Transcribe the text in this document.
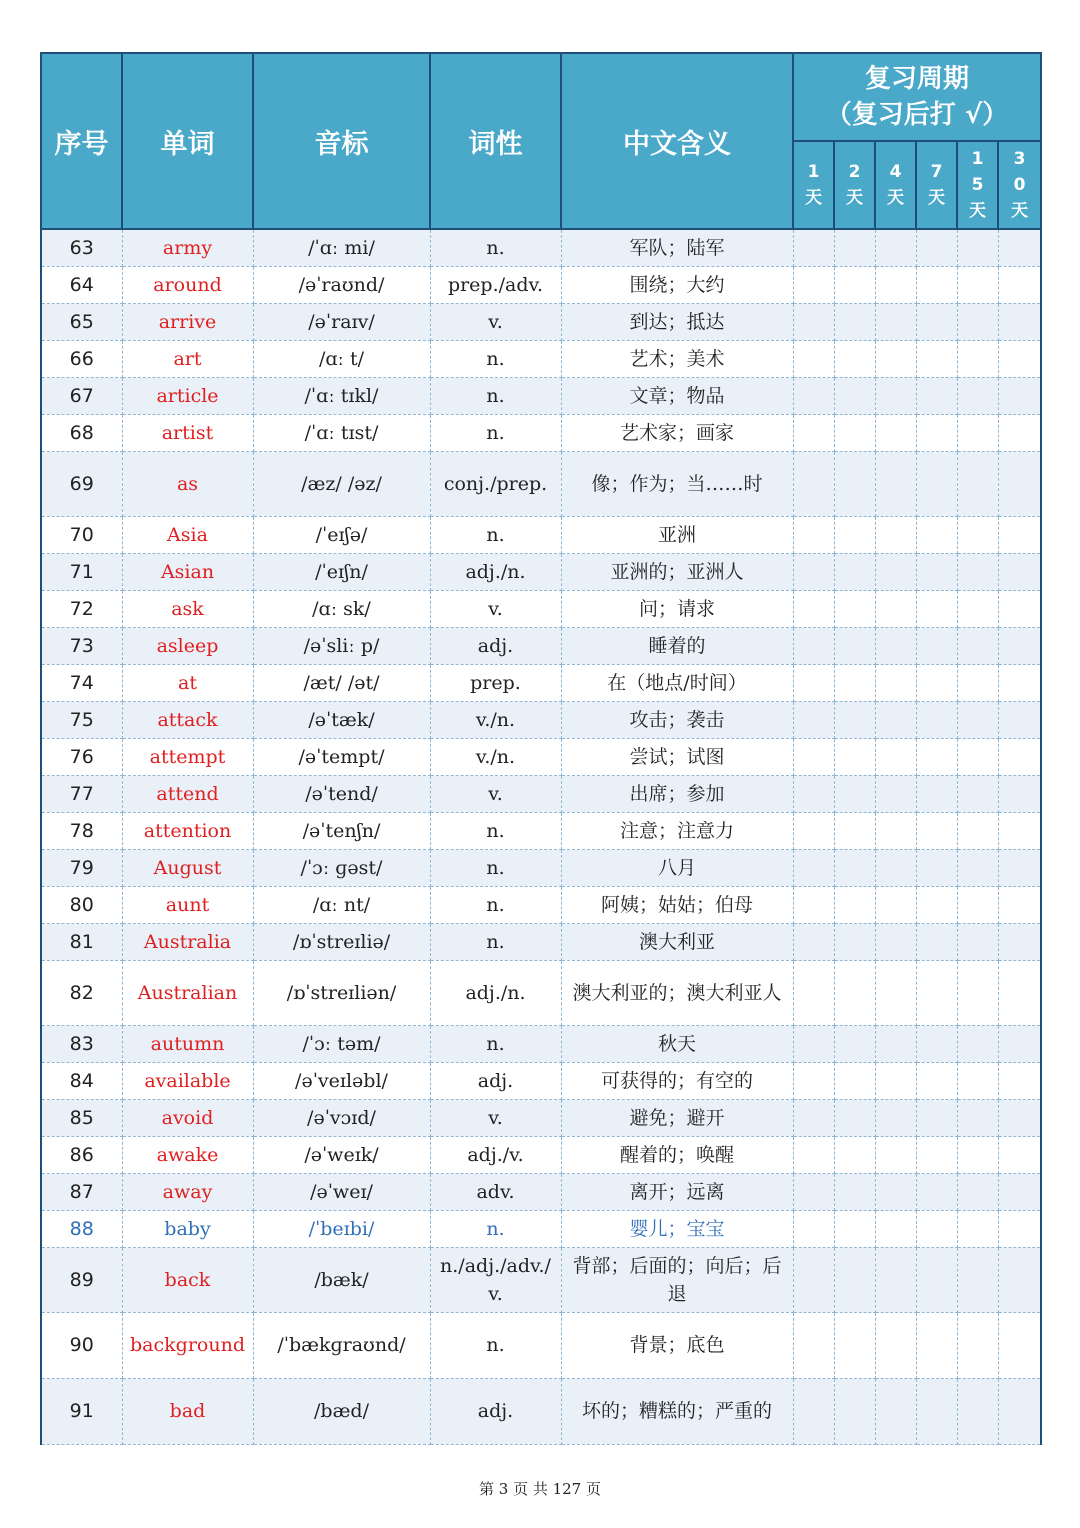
序号	单词	音标	词性	中文含义	复习周期
（复习后打 √）					

					1天	2天	4天	7天	15天	30天
63	army	/ˈɑː mi/	n.	军队；陆军						
64	around	/əˈraʊnd/	prep./adv.	围绕；大约						
65	arrive	/əˈraɪv/	v.	到达；抵达						
66	art	/ɑː t/	n.	艺术；美术						
67	article	/ˈɑː tɪkl/	n.	文章；物品						
68	artist	/ˈɑː tɪst/	n.	艺术家；画家						
69	as	/æz/ /əz/	conj./prep.	像；作为；当……时						
70	Asia	/ˈeɪʃə/	n.	亚洲						
71	Asian	/ˈeɪʃn/	adj./n.	亚洲的；亚洲人						
72	ask	/ɑː sk/	v.	问；请求						
73	asleep	/əˈsliː p/	adj.	睡着的						
74	at	/æt/ /ət/	prep.	在（地点/时间）						
75	attack	/əˈtæk/	v./n.	攻击；袭击						
76	attempt	/əˈtempt/	v./n.	尝试；试图						
77	attend	/əˈtend/	v.	出席；参加						
78	attention	/əˈtenʃn/	n.	注意；注意力						
79	August	/ˈɔː ɡəst/	n.	八月						
80	aunt	/ɑː nt/	n.	阿姨；姑姑；伯母						
81	Australia	/ɒˈstreɪliə/	n.	澳大利亚						
82	Australian	/ɒˈstreɪliən/	adj./n.	澳大利亚的；澳大利亚人						
83	autumn	/ˈɔː təm/	n.	秋天						
84	available	/əˈveɪləbl/	adj.	可获得的；有空的						
85	avoid	/əˈvɔɪd/	v.	避免；避开						
86	awake	/əˈweɪk/	adj./v.	醒着的；唤醒						
87	away	/əˈweɪ/	adv.	离开；远离						
88	baby	/ˈbeɪbi/	n.	婴儿；宝宝						
89	back	/bæk/	n./adj./adv./v.	背部；后面的；向后；后退						
90	background	/ˈbækɡraʊnd/	n.	背景；底色						
91	bad	/bæd/	adj.	坏的；糟糕的；严重的						
第 3 页 共 127 页
